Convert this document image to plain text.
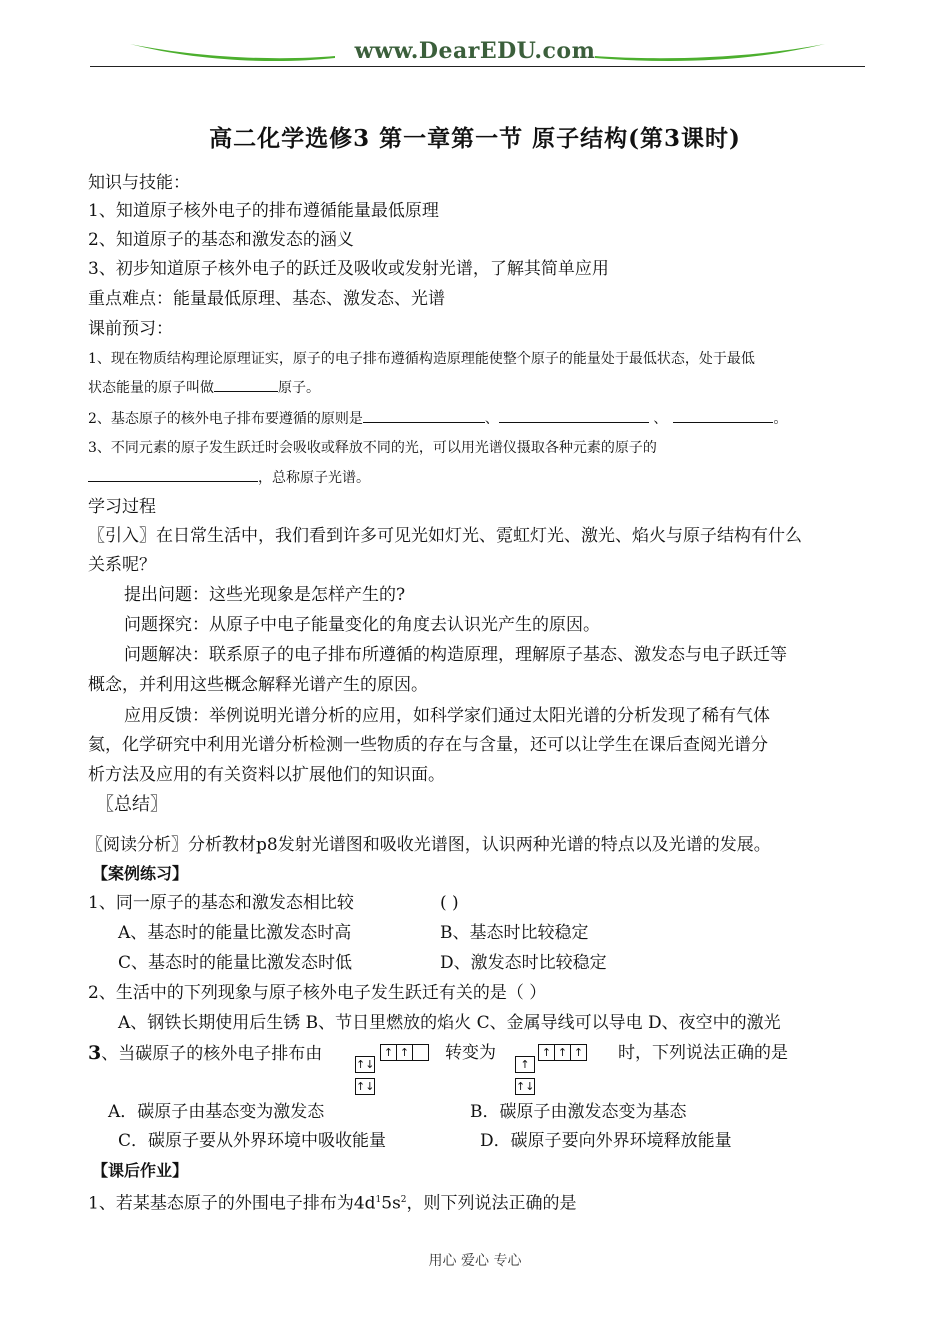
www.DearEDU.com
高二化学选修3 第一章第一节 原子结构(第3课时)
知识与技能：
1、知道原子核外电子的排布遵循能量最低原理
2、知道原子的基态和激发态的涵义
3、初步知道原子核外电子的跃迁及吸收或发射光谱，了解其简单应用
重点难点：能量最低原理、基态、激发态、光谱
课前预习：
1、现在物质结构理论原理证实，原子的电子排布遵循构造原理能使整个原子的能量处于最低状态，处于最低
状态能量的原子叫做	原子。
2、基态原子的核外电子排布要遵循的原则是	、	、	。
3、不同元素的原子发生跃迁时会吸收或释放不同的光，可以用光谱仪摄取各种元素的原子的
，总称原子光谱。
学习过程
〖引入〗在日常生活中，我们看到许多可见光如灯光、霓虹灯光、激光、焰火与原子结构有什么
关系呢？
提出问题：这些光现象是怎样产生的?
问题探究：从原子中电子能量变化的角度去认识光产生的原因。
问题解决：联系原子的电子排布所遵循的构造原理，理解原子基态、激发态与电子跃迁等
概念，并利用这些概念解释光谱产生的原因。
应用反馈：举例说明光谱分析的应用，如科学家们通过太阳光谱的分析发现了稀有气体
氦，化学研究中利用光谱分析检测一些物质的存在与含量，还可以让学生在课后查阅光谱分
析方法及应用的有关资料以扩展他们的知识面。
〖总结〗
〖阅读分析〗分析教材p8发射光谱图和吸收光谱图，认识两种光谱的特点以及光谱的发展。
【案例练习】
1、同一原子的基态和激发态相比较	( )
A、基态时的能量比激发态时高	B、基态时比较稳定
C、基态时的能量比激发态时低	D、激发态时比较稳定
2、生活中的下列现象与原子核外电子发生跃迁有关的是（ ）
A、钢铁长期使用后生锈 B、节日里燃放的焰火 C、金属导线可以导电 D、夜空中的激光
3、当碳原子的核外电子排布由	转变为	时，下列说法正确的是
↑ ↑
↑↓
↑↓
↑ ↑ ↑
↑
↑↓
A．碳原子由基态变为激发态	B．碳原子由激发态变为基态
C．碳原子要从外界环境中吸收能量	D．碳原子要向外界环境释放能量
【课后作业】
1、若某基态原子的外围电子排布为$4d^15s^2$，则下列说法正确的是
用心 爱心 专心
